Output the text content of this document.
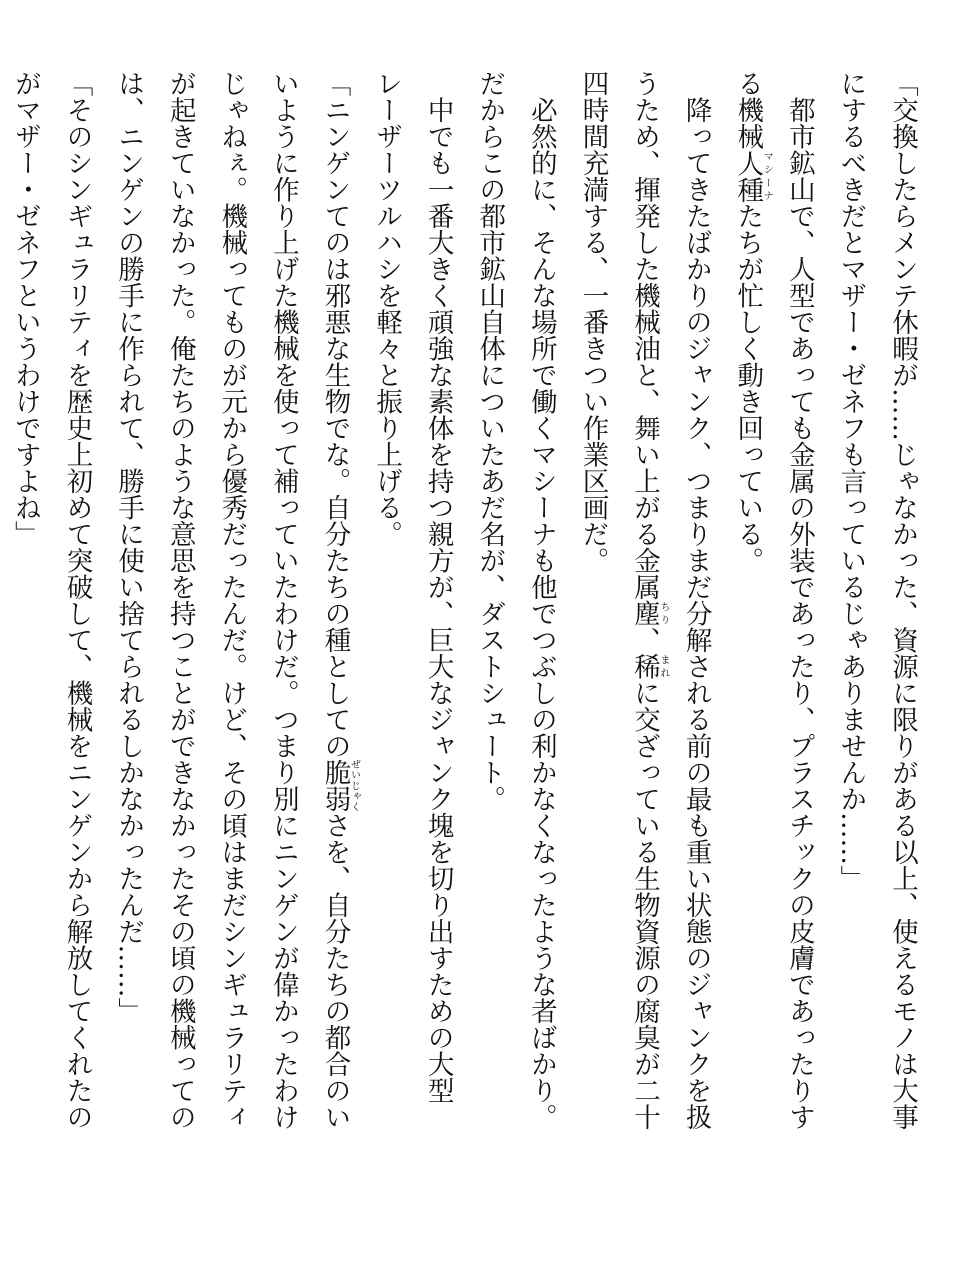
「交換したらメンテ休暇が……じゃなかった、資源に限りがある以上、使えるモノは大事
にするべきだとマザー・ゼネフも言っているじゃありませんか……」
　都市鉱山で、人型であっても金属の外装であったり、プラスチックの皮膚であったりす
る機械人種マシーナたちが忙しく動き回っている。
　降ってきたばかりのジャンク、つまりまだ分解される前の最も重い状態のジャンクを扱
うため、揮発した機械油と、舞い上がる金属塵ちり、稀まれに交ざっている生物資源の腐臭が二十
四時間充満する、一番きつい作業区画だ。
　必然的に、そんな場所で働くマシーナも他でつぶしの利かなくなったような者ばかり。
だからこの都市鉱山自体についたあだ名が、ダストシュート。
　中でも一番大きく頑強な素体を持つ親方が、巨大なジャンク塊を切り出すための大型
レーザーツルハシを軽々と振り上げる。
「ニンゲンてのは邪悪な生物でな。自分たちの種としての脆弱ぜいじゃくさを、自分たちの都合のい
いように作り上げた機械を使って補っていたわけだ。つまり別にニンゲンが偉かったわけ
じゃねぇ。機械ってものが元から優秀だったんだ。けど、その頃はまだシンギュラリティ
が起きていなかった。俺たちのような意思を持つことができなかったその頃の機械っての
は、ニンゲンの勝手に作られて、勝手に使い捨てられるしかなかったんだ……」
「そのシンギュラリティを歴史上初めて突破して、機械をニンゲンから解放してくれたの
がマザー・ゼネフというわけですよね」
